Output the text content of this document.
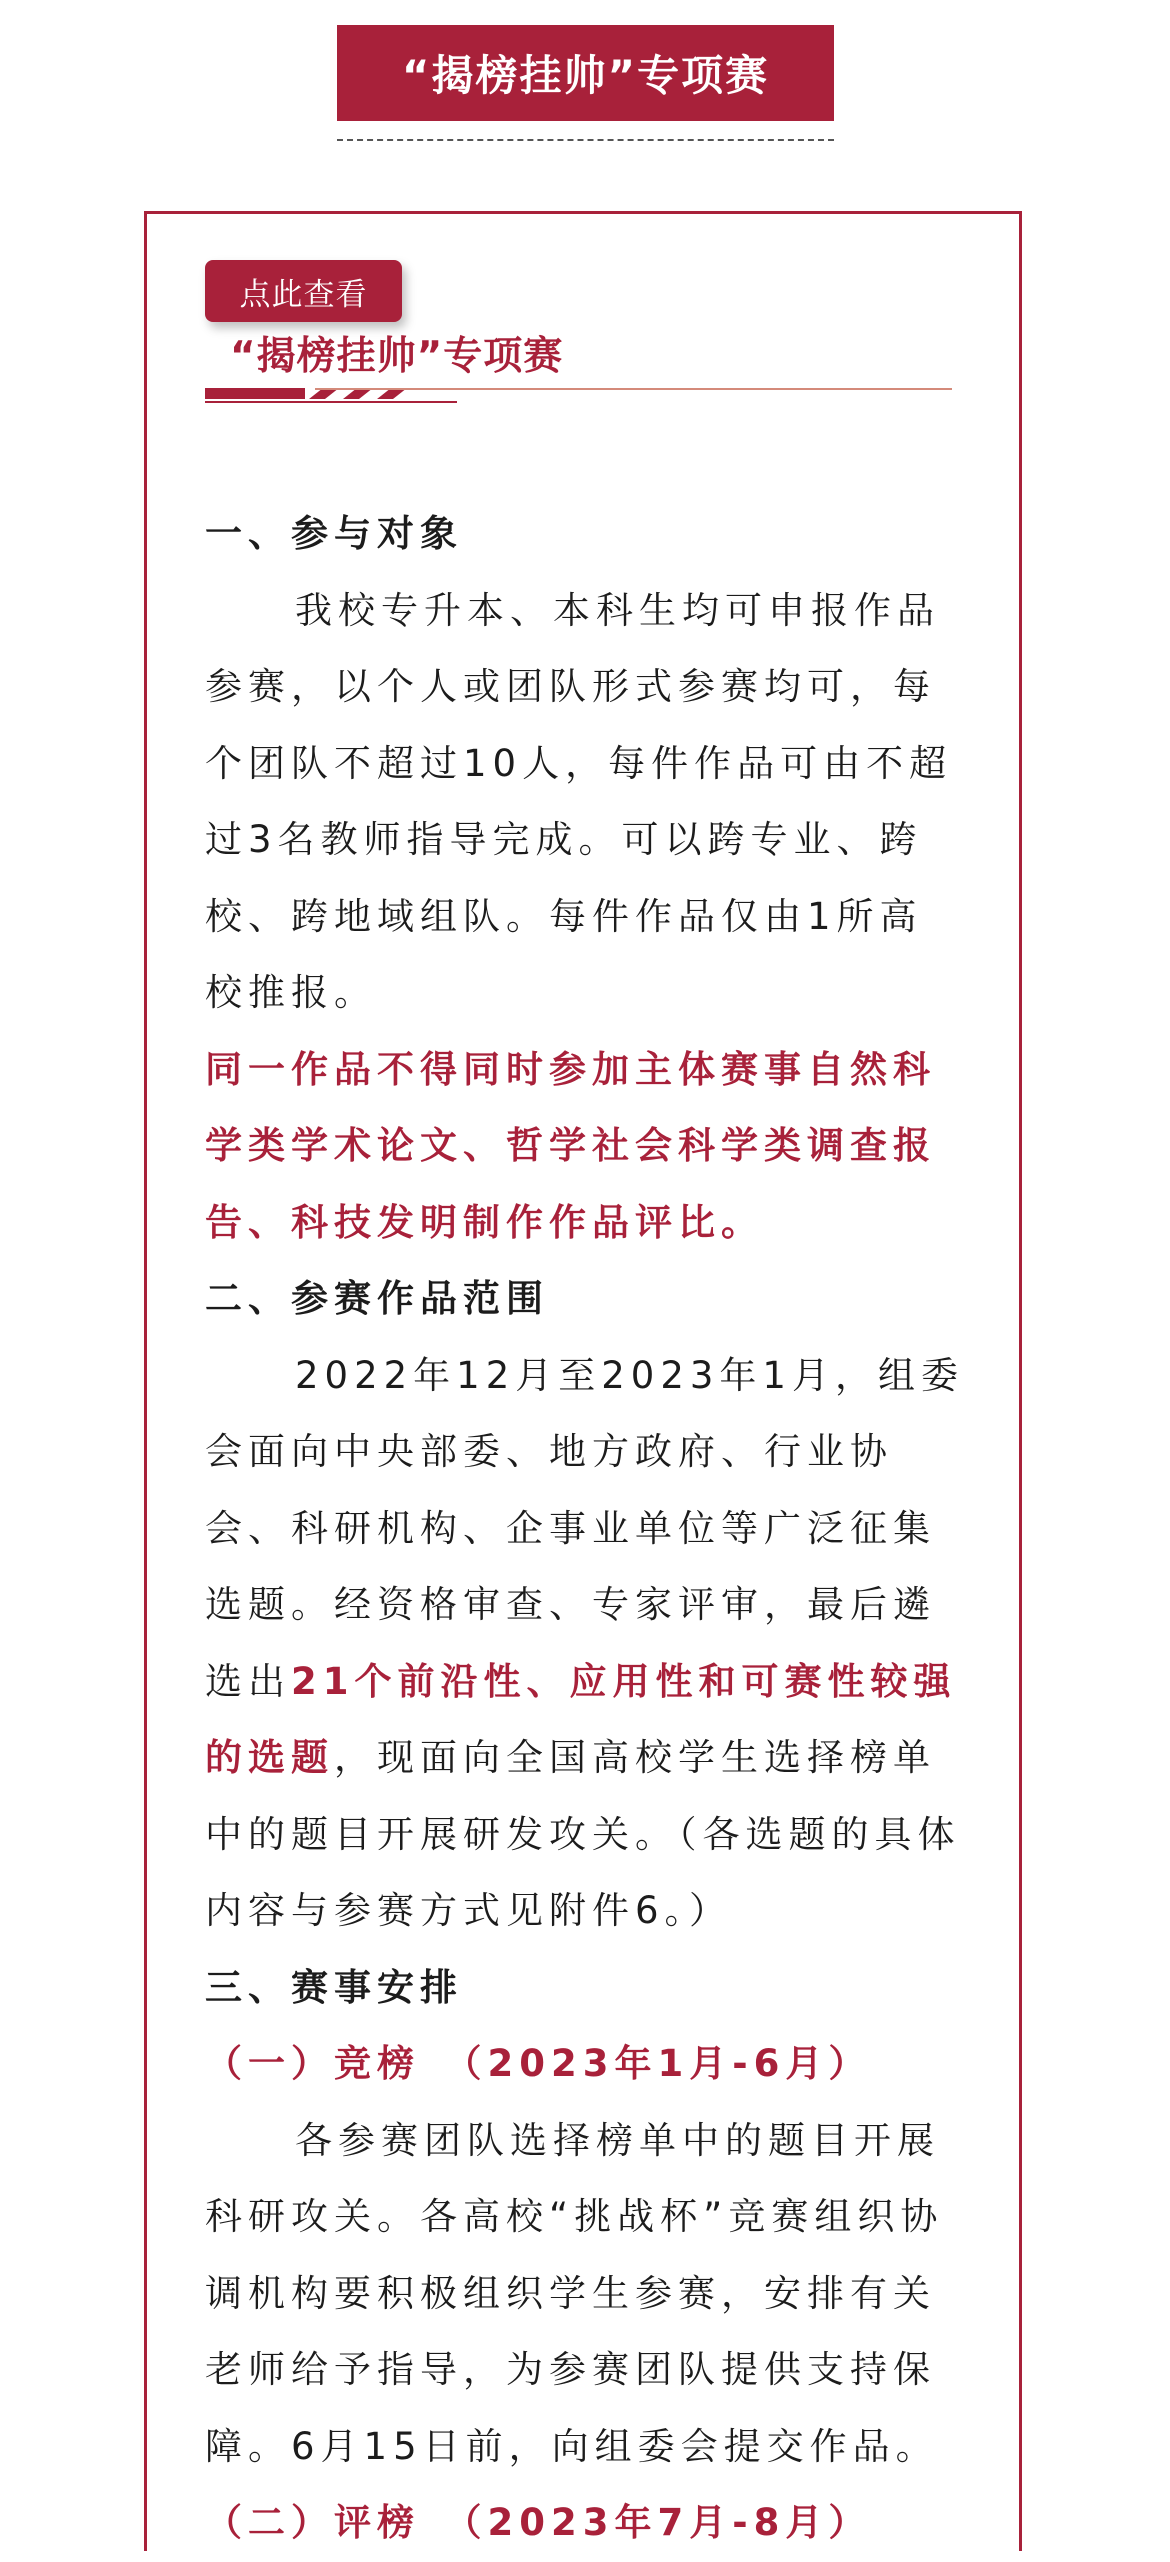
“揭榜挂帅”专项赛
点此查看
“揭榜挂帅”专项赛

一、参与对象

我校专升本、本科生均可申报作品参赛，以个人或团队形式参赛均可，每个团队不超过10人，每件作品可由不超过3名教师指导完成。可以跨专业、跨校、跨地域组队。每件作品仅由1所高校推报。

同一作品不得同时参加主体赛事自然科学类学术论文、哲学社会科学类调查报告、科技发明制作作品评比。

二、参赛作品范围

2022年12月至2023年1月，组委会面向中央部委、地方政府、行业协会、科研机构、企事业单位等广泛征集选题。经资格审查、专家评审，最后遴选出21个前沿性、应用性和可赛性较强的选题，现面向全国高校学生选择榜单中的题目开展研发攻关。（各选题的具体内容与参赛方式见附件6。）

三、赛事安排

（一）竞榜　（2023年1月-6月）

各参赛团队选择榜单中的题目开展科研攻关。各高校“挑战杯”竞赛组织协调机构要积极组织学生参赛，安排有关老师给予指导，为参赛团队提供支持保障。6月15日前，向组委会提交作品。

（二）评榜　（2023年7月-8月）
